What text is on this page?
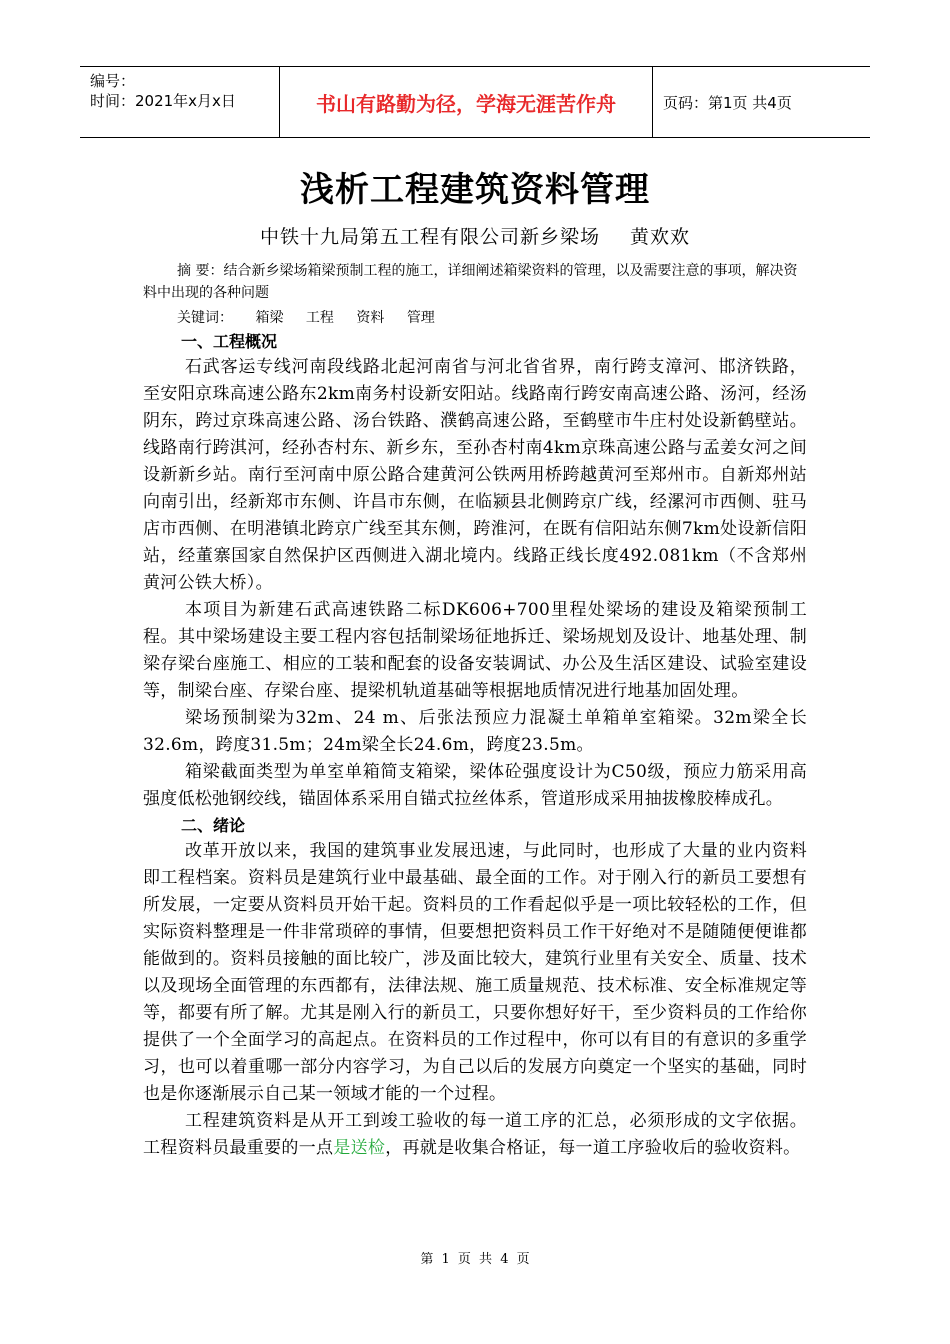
编号：
时间：2021年x月x日	书山有路勤为径，学海无涯苦作舟	页码：第1页 共4页
浅析工程建筑资料管理
中铁十九局第五工程有限公司新乡梁场 黄欢欢

摘 要：结合新乡梁场箱梁预制工程的施工，详细阐述箱梁资料的管理，以及需要注意的事项，解决资料中出现的各种问题

关键词： 箱梁 工程 资料 管理
一、工程概况

石武客运专线河南段线路北起河南省与河北省省界，南行跨支漳河、邯济铁路，至安阳京珠高速公路东2km南务村设新安阳站。线路南行跨安南高速公路、汤河，经汤阴东，跨过京珠高速公路、汤台铁路、濮鹤高速公路，至鹤壁市牛庄村处设新鹤壁站。线路南行跨淇河，经孙杏村东、新乡东，至孙杏村南4km京珠高速公路与孟姜女河之间设新新乡站。南行至河南中原公路合建黄河公铁两用桥跨越黄河至郑州市。自新郑州站向南引出，经新郑市东侧、许昌市东侧，在临颍县北侧跨京广线，经漯河市西侧、驻马店市西侧、在明港镇北跨京广线至其东侧，跨淮河，在既有信阳站东侧7km处设新信阳站，经董寨国家自然保护区西侧进入湖北境内。线路正线长度492.081km（不含郑州黄河公铁大桥）。

本项目为新建石武高速铁路二标DK606+700里程处梁场的建设及箱梁预制工程。其中梁场建设主要工程内容包括制梁场征地拆迁、梁场规划及设计、地基处理、制梁存梁台座施工、相应的工装和配套的设备安装调试、办公及生活区建设、试验室建设等，制梁台座、存梁台座、提梁机轨道基础等根据地质情况进行地基加固处理。

梁场预制梁为32m、24 m、后张法预应力混凝土单箱单室箱梁。32m梁全长32.6m，跨度31.5m；24m梁全长24.6m，跨度23.5m。

箱梁截面类型为单室单箱简支箱梁，梁体砼强度设计为C50级，预应力筋采用高强度低松弛钢绞线，锚固体系采用自锚式拉丝体系，管道形成采用抽拔橡胶棒成孔。

二、绪论

改革开放以来，我国的建筑事业发展迅速，与此同时，也形成了大量的业内资料即工程档案。资料员是建筑行业中最基础、最全面的工作。对于刚入行的新员工要想有所发展，一定要从资料员开始干起。资料员的工作看起似乎是一项比较轻松的工作，但实际资料整理是一件非常琐碎的事情，但要想把资料员工作干好绝对不是随随便便谁都能做到的。资料员接触的面比较广，涉及面比较大，建筑行业里有关安全、质量、技术以及现场全面管理的东西都有，法律法规、施工质量规范、技术标准、安全标准规定等等，都要有所了解。尤其是刚入行的新员工，只要你想好好干，至少资料员的工作给你提供了一个全面学习的高起点。在资料员的工作过程中，你可以有目的有意识的多重学习，也可以着重哪一部分内容学习，为自己以后的发展方向奠定一个坚实的基础，同时也是你逐渐展示自己某一领域才能的一个过程。

工程建筑资料是从开工到竣工验收的每一道工序的汇总，必须形成的文字依据。工程资料员最重要的一点是送检，再就是收集合格证，每一道工序验收后的验收资料。

第 1 页 共 4 页
